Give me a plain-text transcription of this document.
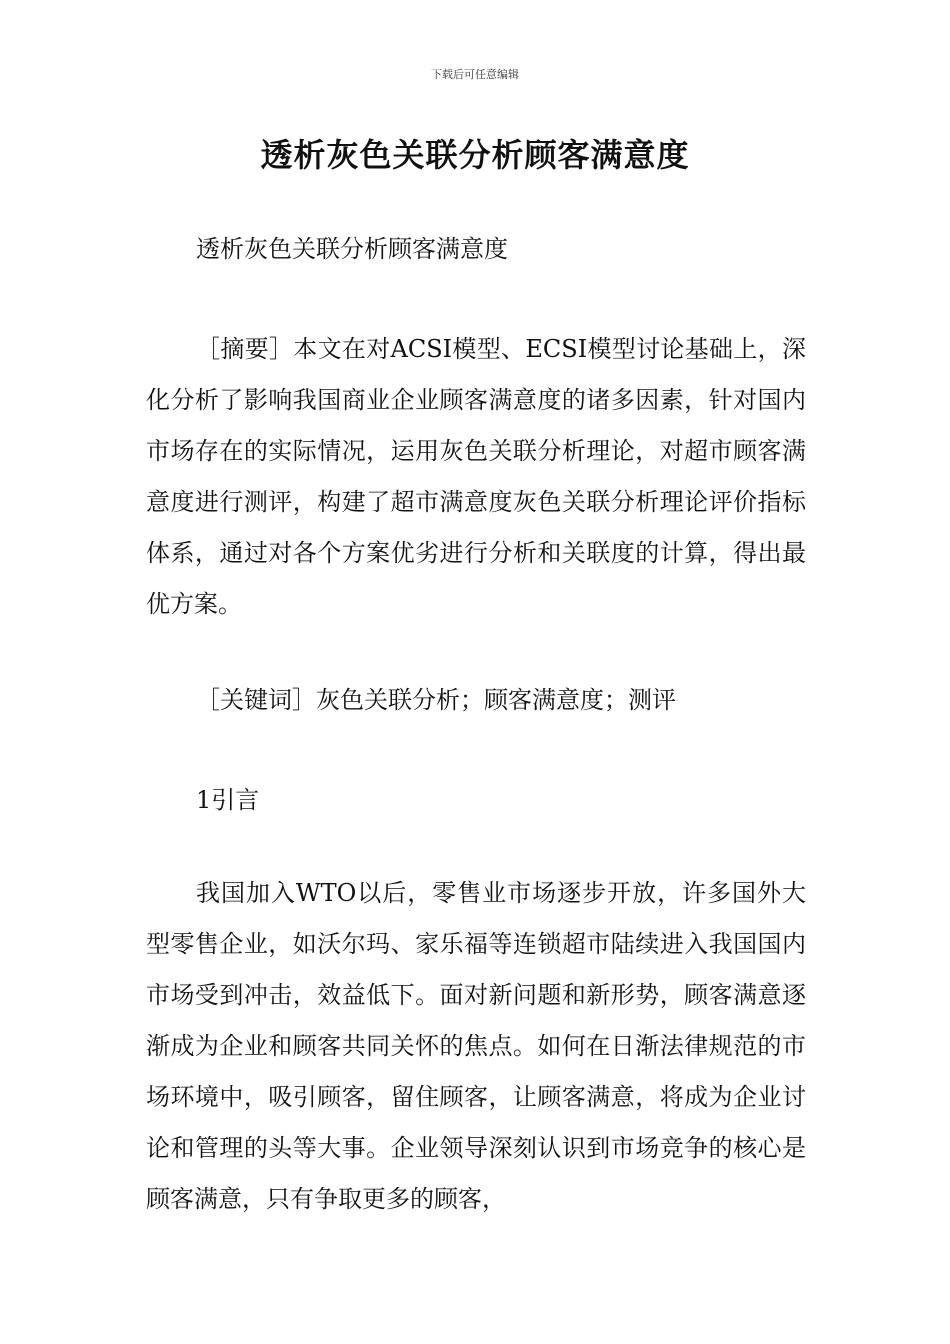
下载后可任意编辑
透析灰色关联分析顾客满意度

透析灰色关联分析顾客满意度

［摘要］本文在对ACSI模型、ECSI模型讨论基础上，深化分析了影响我国商业企业顾客满意度的诸多因素，针对国内市场存在的实际情况，运用灰色关联分析理论，对超市顾客满意度进行测评，构建了超市满意度灰色关联分析理论评价指标体系，通过对各个方案优劣进行分析和关联度的计算，得出最优方案。

［关键词］灰色关联分析；顾客满意度；测评

1引言

我国加入WTO以后，零售业市场逐步开放，许多国外大型零售企业，如沃尔玛、家乐福等连锁超市陆续进入我国国内市场受到冲击，效益低下。面对新问题和新形势，顾客满意逐渐成为企业和顾客共同关怀的焦点。如何在日渐法律规范的市场环境中，吸引顾客，留住顾客，让顾客满意，将成为企业讨论和管理的头等大事。企业领导深刻认识到市场竞争的核心是顾客满意，只有争取更多的顾客，
